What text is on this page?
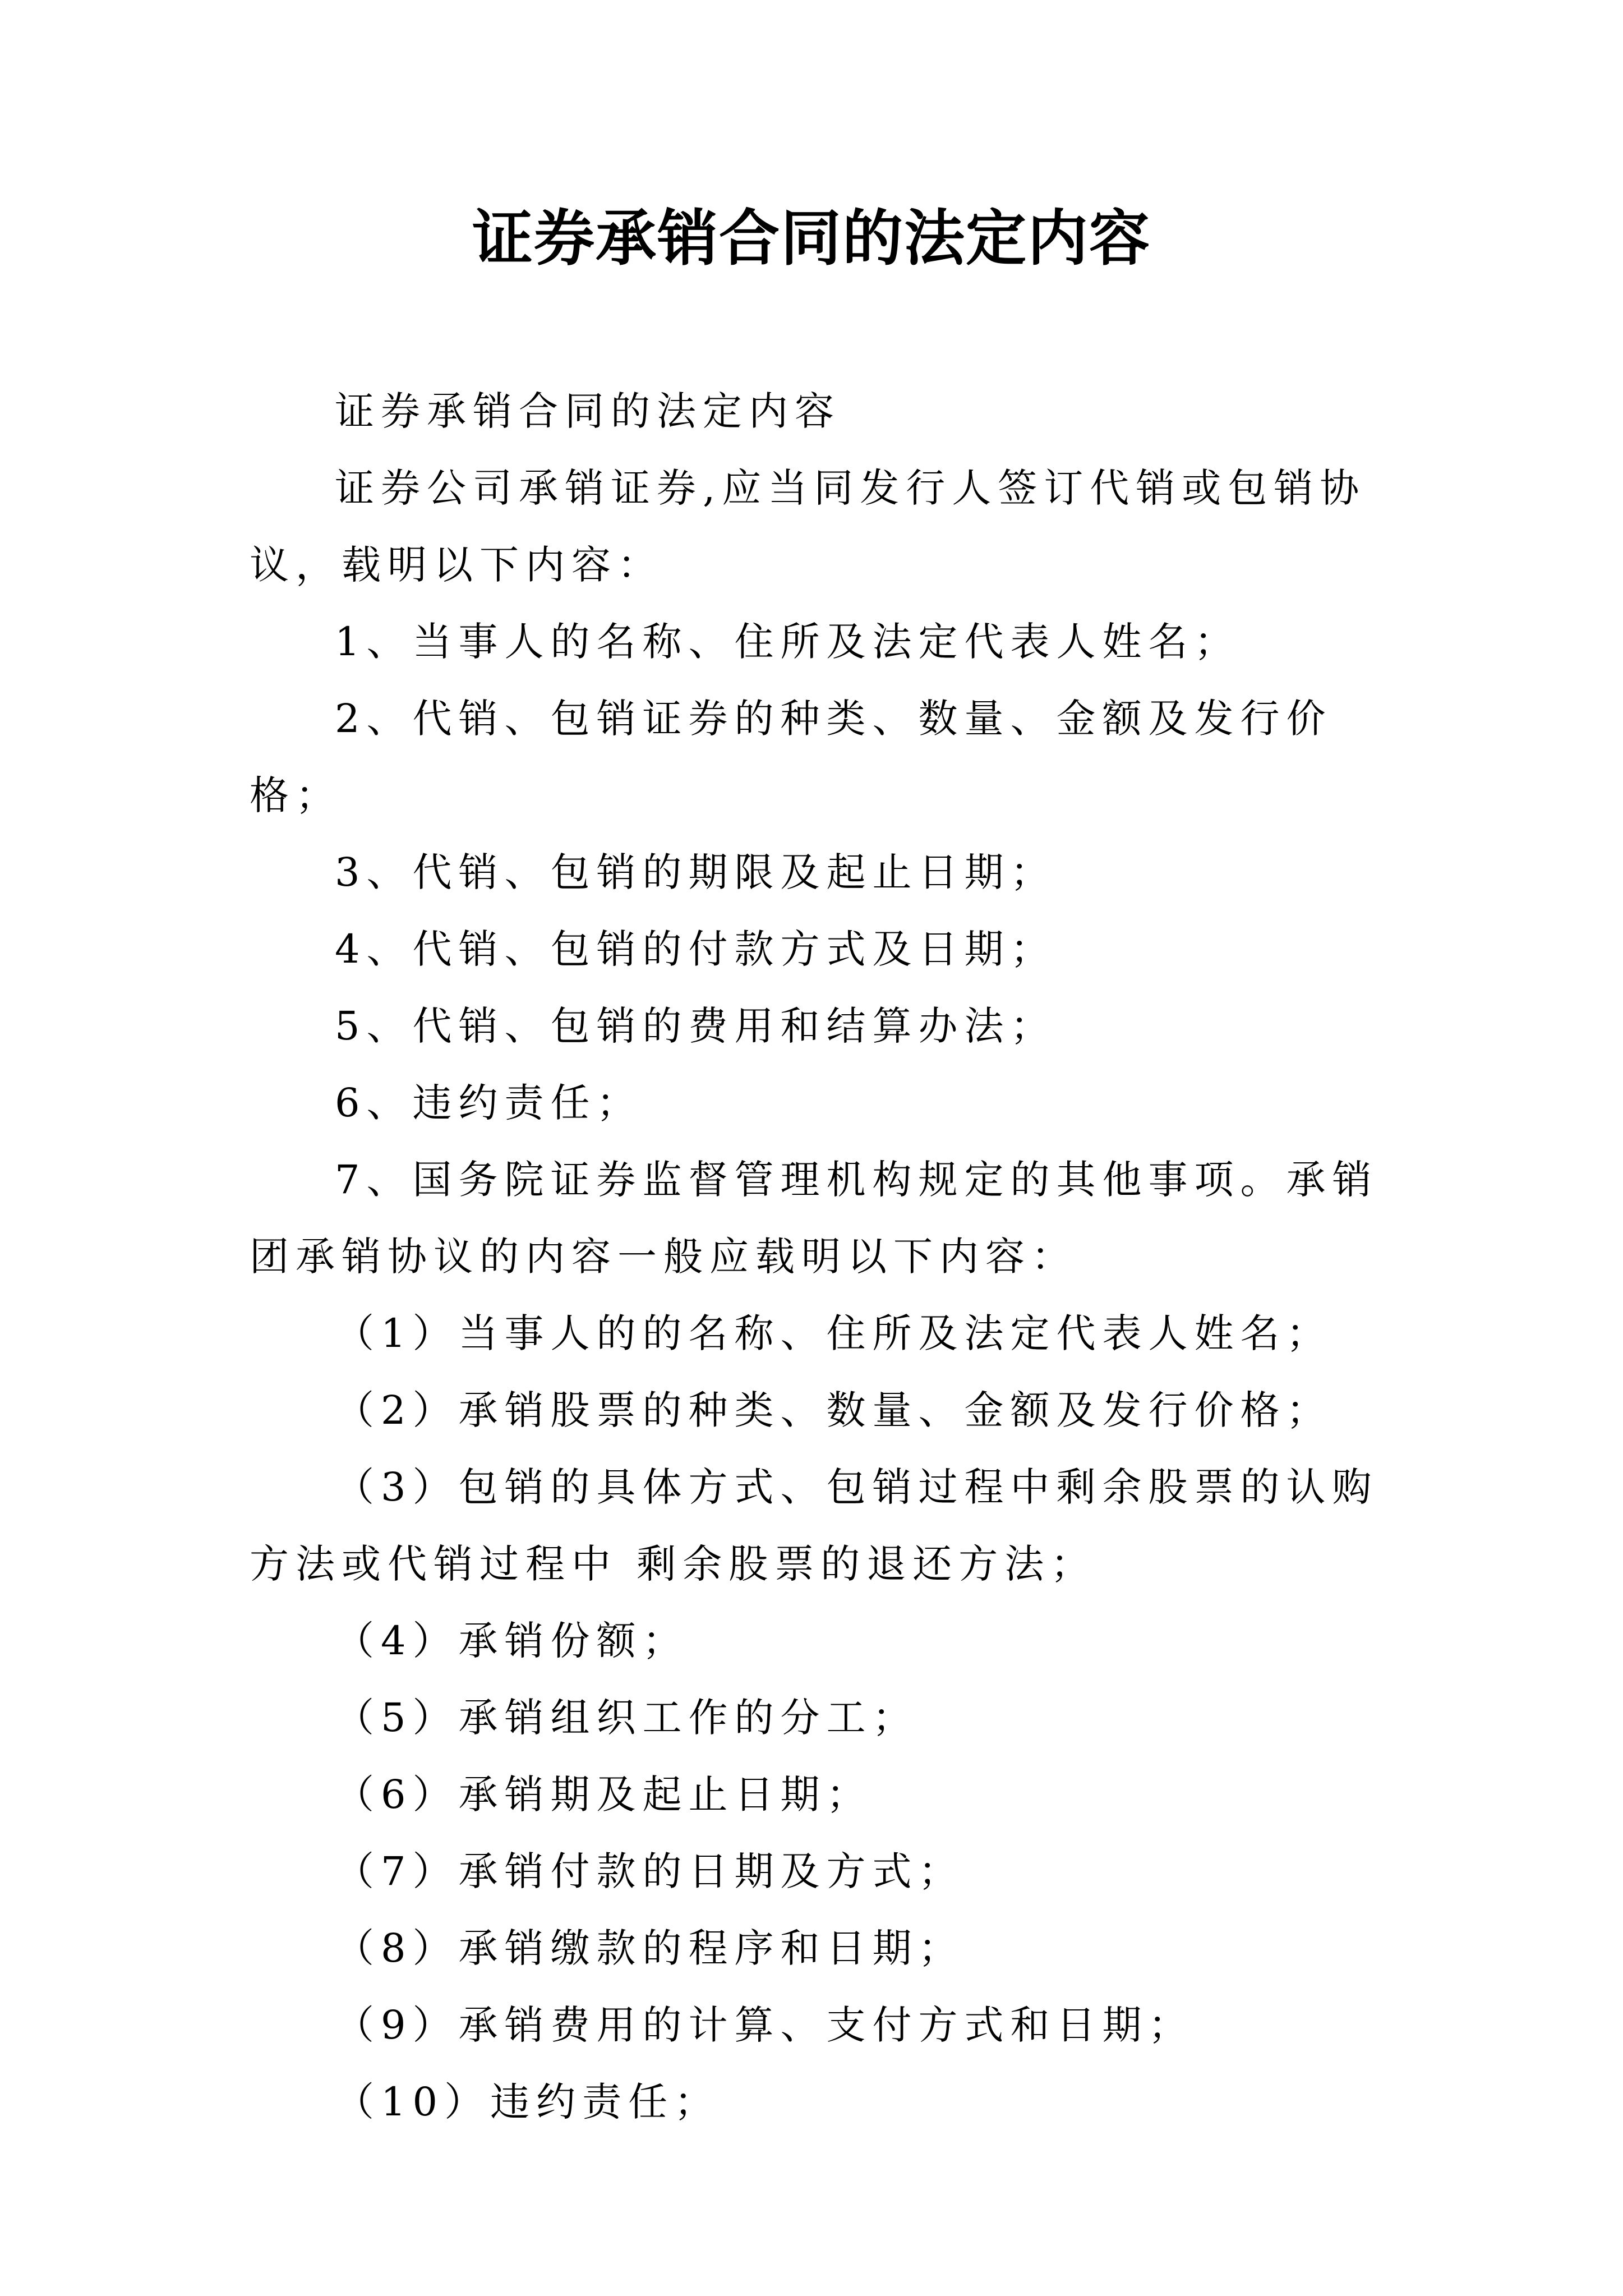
证券承销合同的法定内容

证券承销合同的法定内容

证券公司承销证券,应当同发行人签订代销或包销协议，载明以下内容：

1、当事人的名称、住所及法定代表人姓名；

2、代销、包销证券的种类、数量、金额及发行价格；

3、代销、包销的期限及起止日期；

4、代销、包销的付款方式及日期；

5、代销、包销的费用和结算办法；

6、违约责任；

7、国务院证券监督管理机构规定的其他事项。承销团承销协议的内容一般应载明以下内容：

（1）当事人的的名称、住所及法定代表人姓名；

（2）承销股票的种类、数量、金额及发行价格；

（3）包销的具体方式、包销过程中剩余股票的认购方法或代销过程中 剩余股票的退还方法；

（4）承销份额；

（5）承销组织工作的分工；

（6）承销期及起止日期；

（7）承销付款的日期及方式；

（8）承销缴款的程序和日期；

（9）承销费用的计算、支付方式和日期；

（10）违约责任；
